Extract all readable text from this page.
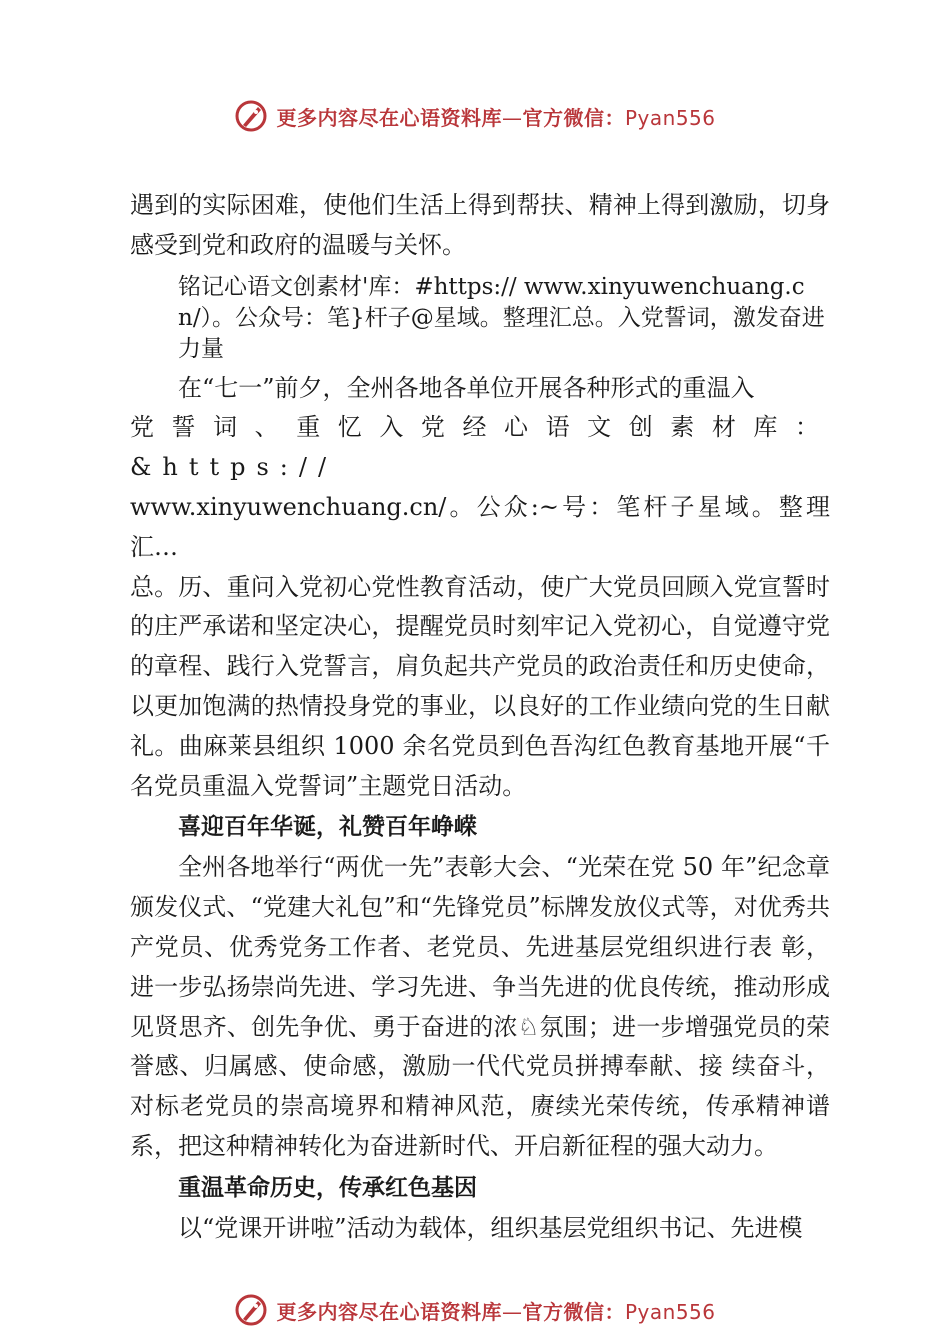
更多内容尽在心语资料库—官方微信：Pyan556

遇到的实际困难，使他们生活上得到帮扶、精神上得到激励，切身感受到党和政府的温暖与关怀。

铭记心语文创素材'库：#https:// www.xinyuwenchuang.cn/）。公众号：笔}杆子@星域。整理汇总。入党誓词，激发奋进力量

在“七一”前夕，全州各地各单位开展各种形式的重温入

党誓词、重忆入党经心语文创素材库：&https://

www.xinyuwenchuang.cn/。公众:~号：笔杆子星域。整理汇…

总。历、重问入党初心党性教育活动，使广大党员回顾入党宣誓时的庄严承诺和坚定决心，提醒党员时刻牢记入党初心，自觉遵守党的章程、践行入党誓言，肩负起共产党员的政治责任和历史使命，以更加饱满的热情投身党的事业，以良好的工作业绩向党的生日献礼。曲麻莱县组织 1000 余名党员到色吾沟红色教育基地开展“千名党员重温入党誓词”主题党日活动。

喜迎百年华诞，礼赞百年峥嵘

全州各地举行“两优一先”表彰大会、“光荣在党 50 年”纪念章颁发仪式、“党建大礼包”和“先锋党员”标牌发放仪式等，对优秀共产党员、优秀党务工作者、老党员、先进基层党组织进行表 彰，进一步弘扬崇尚先进、学习先进、争当先进的优良传统，推动形成见贤思齐、创先争优、勇于奋进的浓♘氛围；进一步增强党员的荣誉感、归属感、使命感，激励一代代党员拼搏奉献、接 续奋斗，对标老党员的崇高境界和精神风范，赓续光荣传统，传承精神谱系，把这种精神转化为奋进新时代、开启新征程的强大动力。

重温革命历史，传承红色基因

以“党课开讲啦”活动为载体，组织基层党组织书记、先进模

更多内容尽在心语资料库—官方微信：Pyan556
